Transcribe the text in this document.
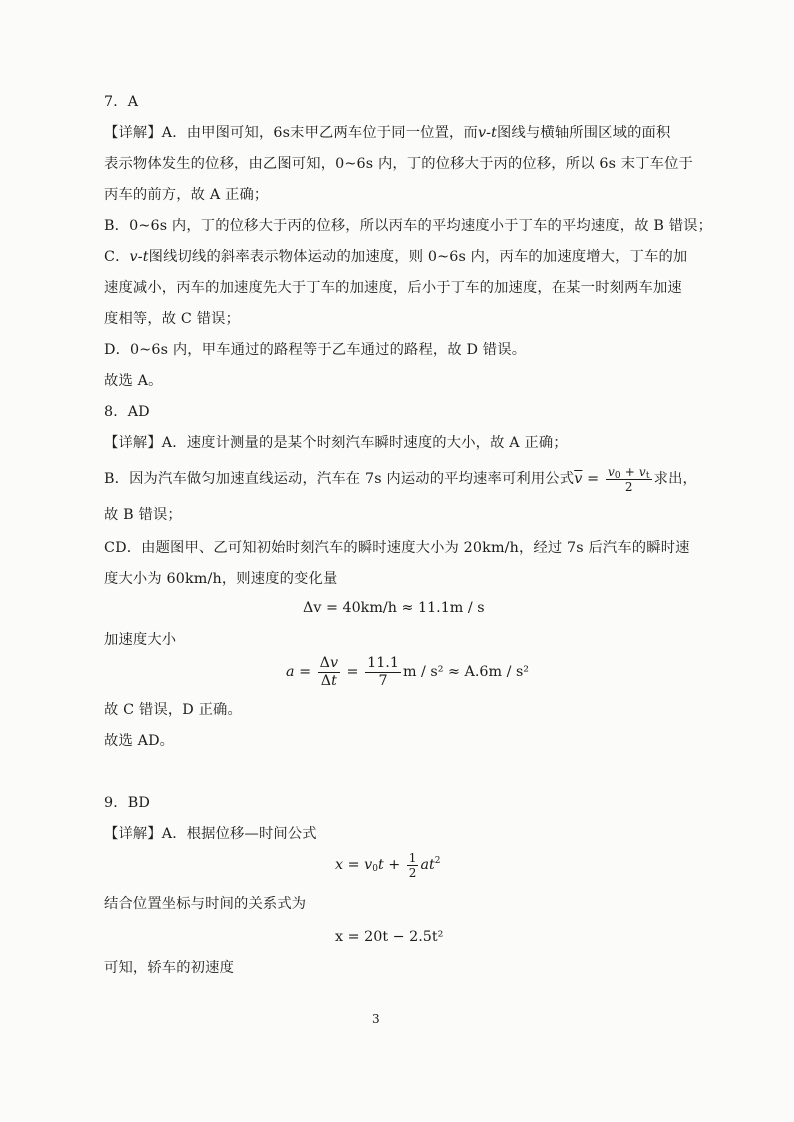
7．A
【详解】A．由甲图可知，6s末甲乙两车位于同一位置，而v-t图线与横轴所围区域的面积
表示物体发生的位移，由乙图可知，0~6s 内，丁的位移大于丙的位移，所以 6s 末丁车位于
丙车的前方，故 A 正确；
B．0~6s 内，丁的位移大于丙的位移，所以丙车的平均速度小于丁车的平均速度，故 B 错误；
C．v-t图线切线的斜率表示物体运动的加速度，则 0~6s 内，丙车的加速度增大，丁车的加
速度减小，丙车的加速度先大于丁车的加速度，后小于丁车的加速度，在某一时刻两车加速
度相等，故 C 错误；
D．0~6s 内，甲车通过的路程等于乙车通过的路程，故 D 错误。
故选 A。
8．AD
【详解】A．速度计测量的是某个时刻汽车瞬时速度的大小，故 A 正确；
B．因为汽车做匀加速直线运动，汽车在 7s 内运动的平均速率可利用公式$\overline{v} = \frac{v_0 + v_t}{2}$ 求出，
故 B 错误；
CD．由题图甲、乙可知初始时刻汽车的瞬时速度大小为 20km/h，经过 7s 后汽车的瞬时速
度大小为 60km/h，则速度的变化量
Δv = 40km/h ≈ 11.1m / s
加速度大小
$a = \frac{\Delta v}{\Delta t} = \frac{11.1}{7}$ m / s² ≈ A.6m / s²
故 C 错误，D 正确。
故选 AD。
9．BD
【详解】A．根据位移—时间公式
$x = v_0t + \frac{1}{2} at^2$
结合位置坐标与时间的关系式为
x = 20t − 2.5t²
可知，轿车的初速度
3
